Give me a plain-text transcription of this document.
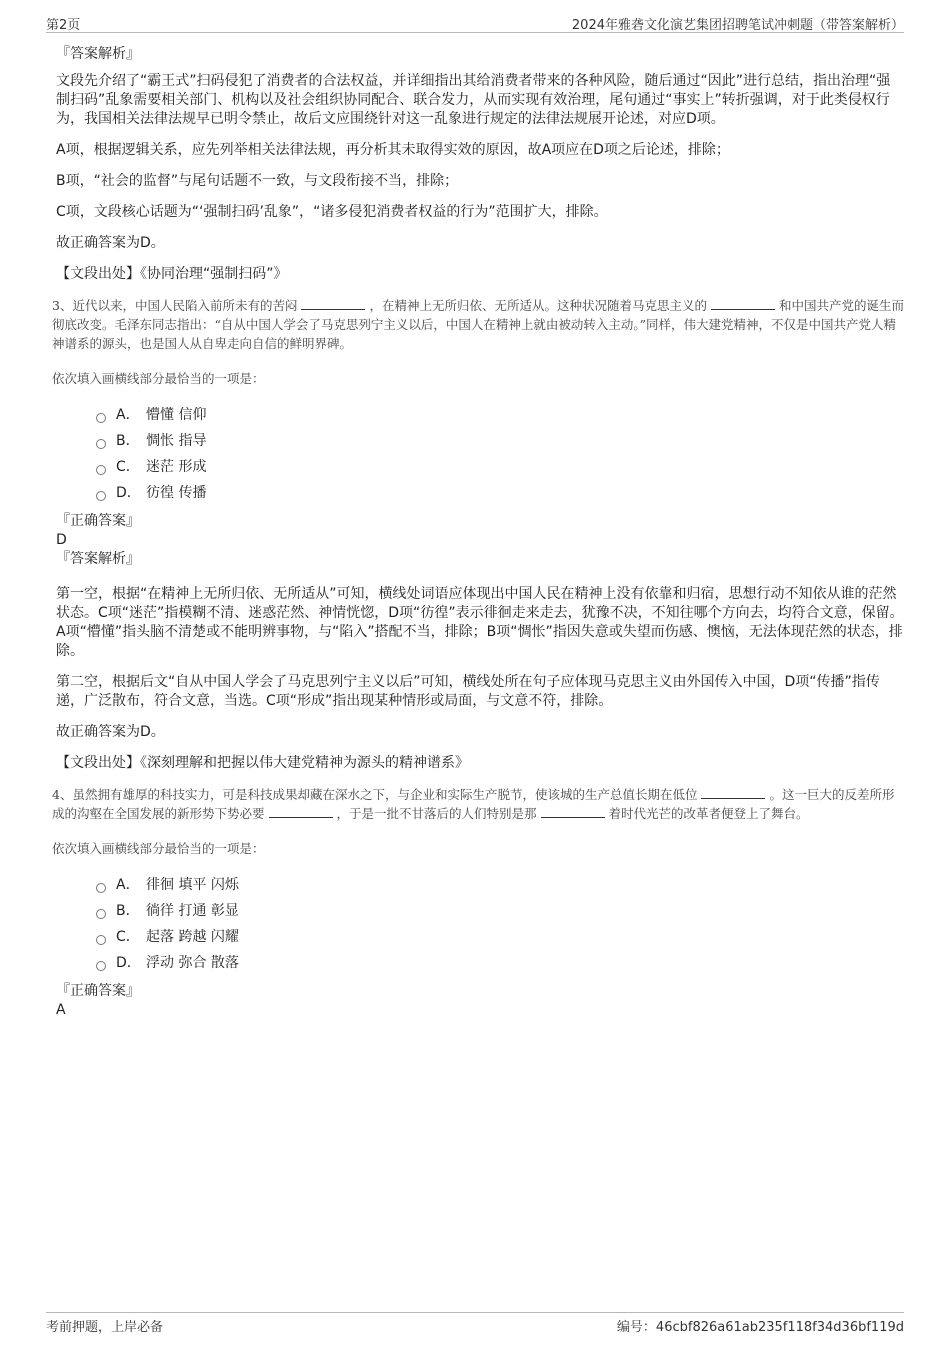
第2页	2024年雅砻文化演艺集团招聘笔试冲刺题（带答案解析）
『答案解析』

文段先介绍了“霸王式”扫码侵犯了消费者的合法权益，并详细指出其给消费者带来的各种风险，随后通过“因此”进行总结，指出治理“强制扫码”乱象需要相关部门、机构以及社会组织协同配合、联合发力，从而实现有效治理，尾句通过“事实上”转折强调，对于此类侵权行为，我国相关法律法规早已明令禁止，故后文应围绕针对这一乱象进行规定的法律法规展开论述，对应D项。

A项，根据逻辑关系，应先列举相关法律法规，再分析其未取得实效的原因，故A项应在D项之后论述，排除；

B项，“社会的监督”与尾句话题不一致，与文段衔接不当，排除；

C项，文段核心话题为“‘强制扫码’乱象”，“诸多侵犯消费者权益的行为”范围扩大，排除。

故正确答案为D。

【文段出处】《协同治理“强制扫码”》

3、近代以来，中国人民陷入前所未有的苦闷	，在精神上无所归依、无所适从。这种状况随着马克思主义的	和中国共产党的诞生而彻底改变。毛泽东同志指出：“自从中国人学会了马克思列宁主义以后，中国人在精神上就由被动转入主动。”同样，伟大建党精神，不仅是中国共产党人精神谱系的源头，也是国人从自卑走向自信的鲜明界碑。

依次填入画横线部分最恰当的一项是：

A． 懵懂 信仰
B． 惆怅 指导
C． 迷茫 形成
D． 彷徨 传播
『正确答案』
D
『答案解析』

第一空，根据“在精神上无所归依、无所适从”可知，横线处词语应体现出中国人民在精神上没有依靠和归宿，思想行动不知依从谁的茫然状态。C项“迷茫”指模糊不清、迷惑茫然、神情恍惚，D项“彷徨”表示徘徊走来走去，犹豫不决，不知往哪个方向去，均符合文意，保留。A项“懵懂”指头脑不清楚或不能明辨事物，与“陷入”搭配不当，排除；B项“惆怅”指因失意或失望而伤感、懊恼，无法体现茫然的状态，排除。

第二空，根据后文“自从中国人学会了马克思列宁主义以后”可知，横线处所在句子应体现马克思主义由外国传入中国，D项“传播”指传递，广泛散布，符合文意，当选。C项“形成”指出现某种情形或局面，与文意不符，排除。

故正确答案为D。

【文段出处】《深刻理解和把握以伟大建党精神为源头的精神谱系》

4、虽然拥有雄厚的科技实力，可是科技成果却藏在深水之下，与企业和实际生产脱节，使该城的生产总值长期在低位	。这一巨大的反差所形成的沟壑在全国发展的新形势下势必要	，于是一批不甘落后的人们特别是那	着时代光芒的改革者便登上了舞台。

依次填入画横线部分最恰当的一项是：

A． 徘徊 填平 闪烁
B． 徜徉 打通 彰显
C． 起落 跨越 闪耀
D． 浮动 弥合 散落
『正确答案』
A
考前押题，上岸必备	编号：46cbf826a61ab235f118f34d36bf119d
